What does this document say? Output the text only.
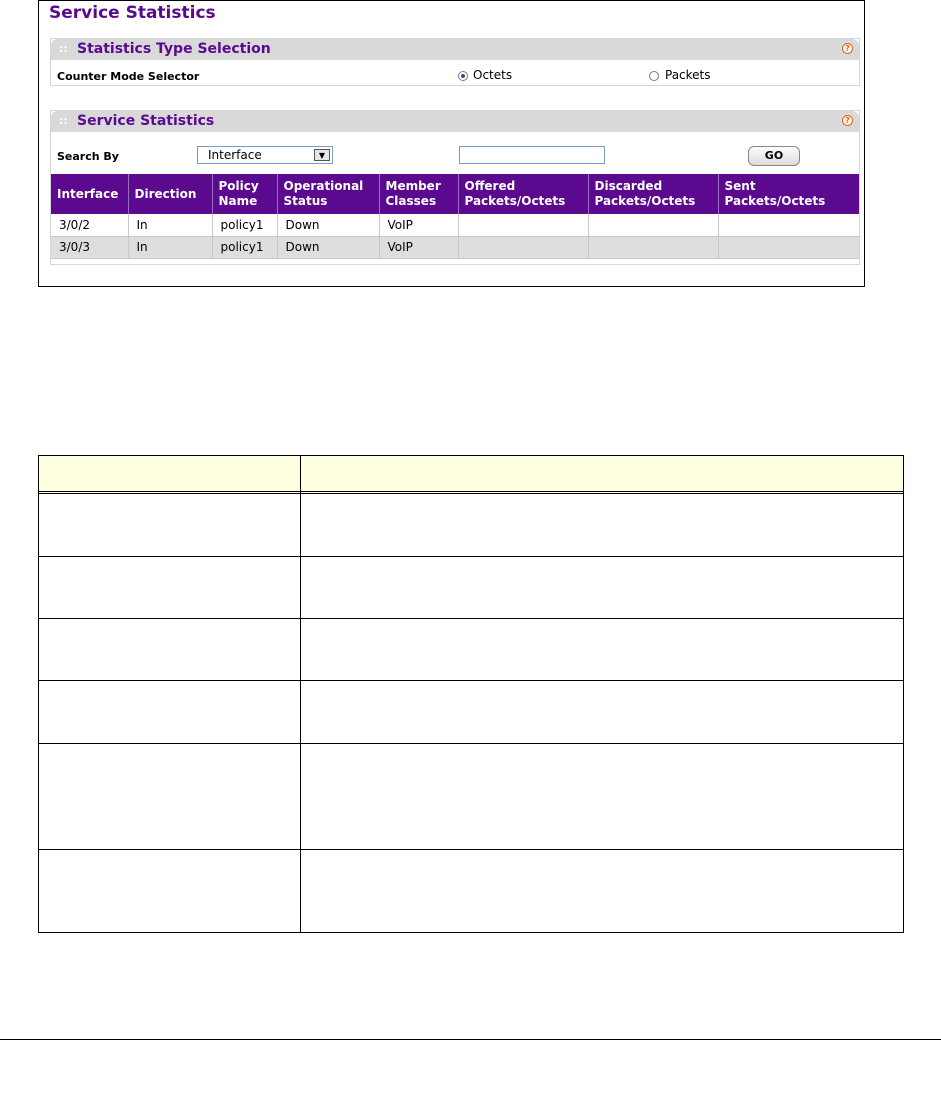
Service Statistics
:: Statistics Type Selection	?
Counter Mode Selector	Octets	Packets
:: Service Statistics	?
Search By	Interface	▼	GO
Interface	Direction	Policy Name	Operational Status	Member Classes	Offered Packets/Octets	Discarded Packets/Octets	Sent Packets/Octets
3/0/2	In	policy1	Down	VoIP			
3/0/3	In	policy1	Down	VoIP			
